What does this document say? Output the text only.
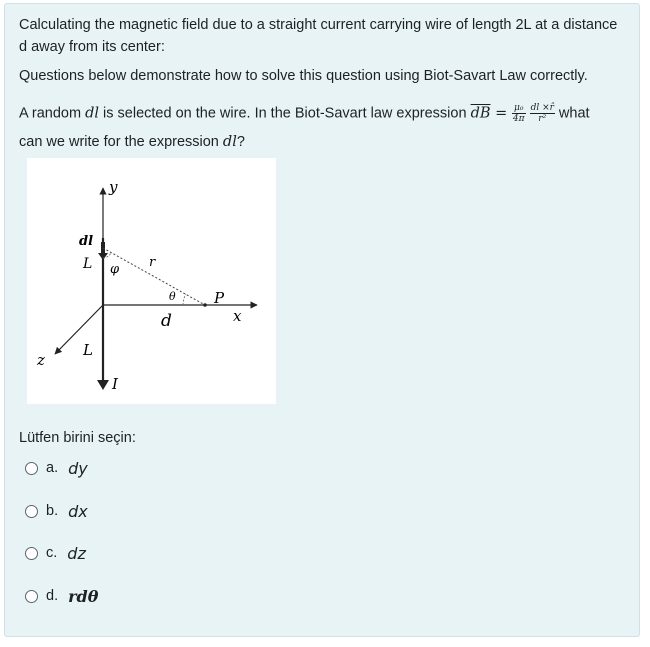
Calculating the magnetic field due to a straight current carrying wire of length 2L at a distance
d away from its center:
Questions below demonstrate how to solve this question using Biot-Savart Law correctly.
A random dl is selected on the wire. In the Biot-Savart law expression $\overline{dB} = \frac{\text{μ₀}}{4\pi}$
$\frac{dl \times r̂}{\text{r²}}$ what
can we write for the expression dl?
y
dl
L φ r
θ	P
d	x
L
z
I
Lütfen birini seçin:
a. dy
b. dx
c. dz
d. rdθ
